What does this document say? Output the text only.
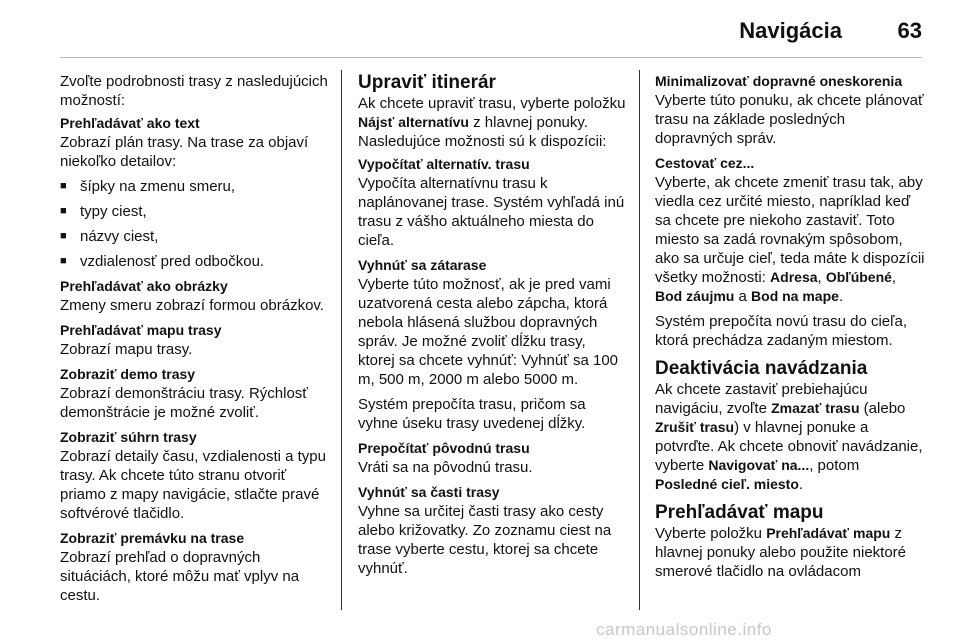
Navigácia	63

Zvoľte podrobnosti trasy z nasledujúcich možností:

Prehľadávať ako text

Zobrazí plán trasy. Na trase za objaví niekoľko detailov:

■ šípky na zmenu smeru,
■ typy ciest,
■ názvy ciest,
■ vzdialenosť pred odbočkou.

Prehľadávať ako obrázky

Zmeny smeru zobrazí formou obrázkov.

Prehľadávať mapu trasy

Zobrazí mapu trasy.

Zobraziť demo trasy

Zobrazí demonštráciu trasy. Rýchlosť demonštrácie je možné zvoliť.

Zobraziť súhrn trasy

Zobrazí detaily času, vzdialenosti a typu trasy. Ak chcete túto stranu otvoriť priamo z mapy navigácie, stlačte pravé softvérové tlačidlo.

Zobraziť premávku na trase

Zobrazí prehľad o dopravných situáciách, ktoré môžu mať vplyv na cestu.

Upraviť itinerár

Ak chcete upraviť trasu, vyberte položku Nájsť alternatívu z hlavnej ponuky. Nasledujúce možnosti sú k dispozícii:

Vypočítať alternatív. trasu

Vypočíta alternatívnu trasu k naplánovanej trase. Systém vyhľadá inú trasu z vášho aktuálneho miesta do cieľa.

Vyhnúť sa zátarase

Vyberte túto možnosť, ak je pred vami uzatvorená cesta alebo zápcha, ktorá nebola hlásená službou dopravných správ. Je možné zvoliť dĺžku trasy, ktorej sa chcete vyhnúť: Vyhnúť sa 100 m, 500 m, 2000 m alebo 5000 m.

Systém prepočíta trasu, pričom sa vyhne úseku trasy uvedenej dĺžky.

Prepočítať pôvodnú trasu

Vráti sa na pôvodnú trasu.

Vyhnúť sa časti trasy

Vyhne sa určitej časti trasy ako cesty alebo križovatky. Zo zoznamu ciest na trase vyberte cestu, ktorej sa chcete vyhnúť.

Minimalizovať dopravné oneskorenia

Vyberte túto ponuku, ak chcete plánovať trasu na základe posledných dopravných správ.

Cestovať cez...

Vyberte, ak chcete zmeniť trasu tak, aby viedla cez určité miesto, napríklad keď sa chcete pre niekoho zastaviť. Toto miesto sa zadá rovnakým spôsobom, ako sa určuje cieľ, teda máte k dispozícii všetky možnosti: Adresa, Obľúbené, Bod záujmu a Bod na mape.

Systém prepočíta novú trasu do cieľa, ktorá prechádza zadaným miestom.

Deaktivácia navádzania

Ak chcete zastaviť prebiehajúcu navigáciu, zvoľte Zmazať trasu (alebo Zrušiť trasu) v hlavnej ponuke a potvrďte. Ak chcete obnoviť navádzanie, vyberte Navigovať na..., potom Posledné cieľ. miesto.

Prehľadávať mapu

Vyberte položku Prehľadávať mapu z hlavnej ponuky alebo použite niektoré smerové tlačidlo na ovládacom

carmanualsonline.info
